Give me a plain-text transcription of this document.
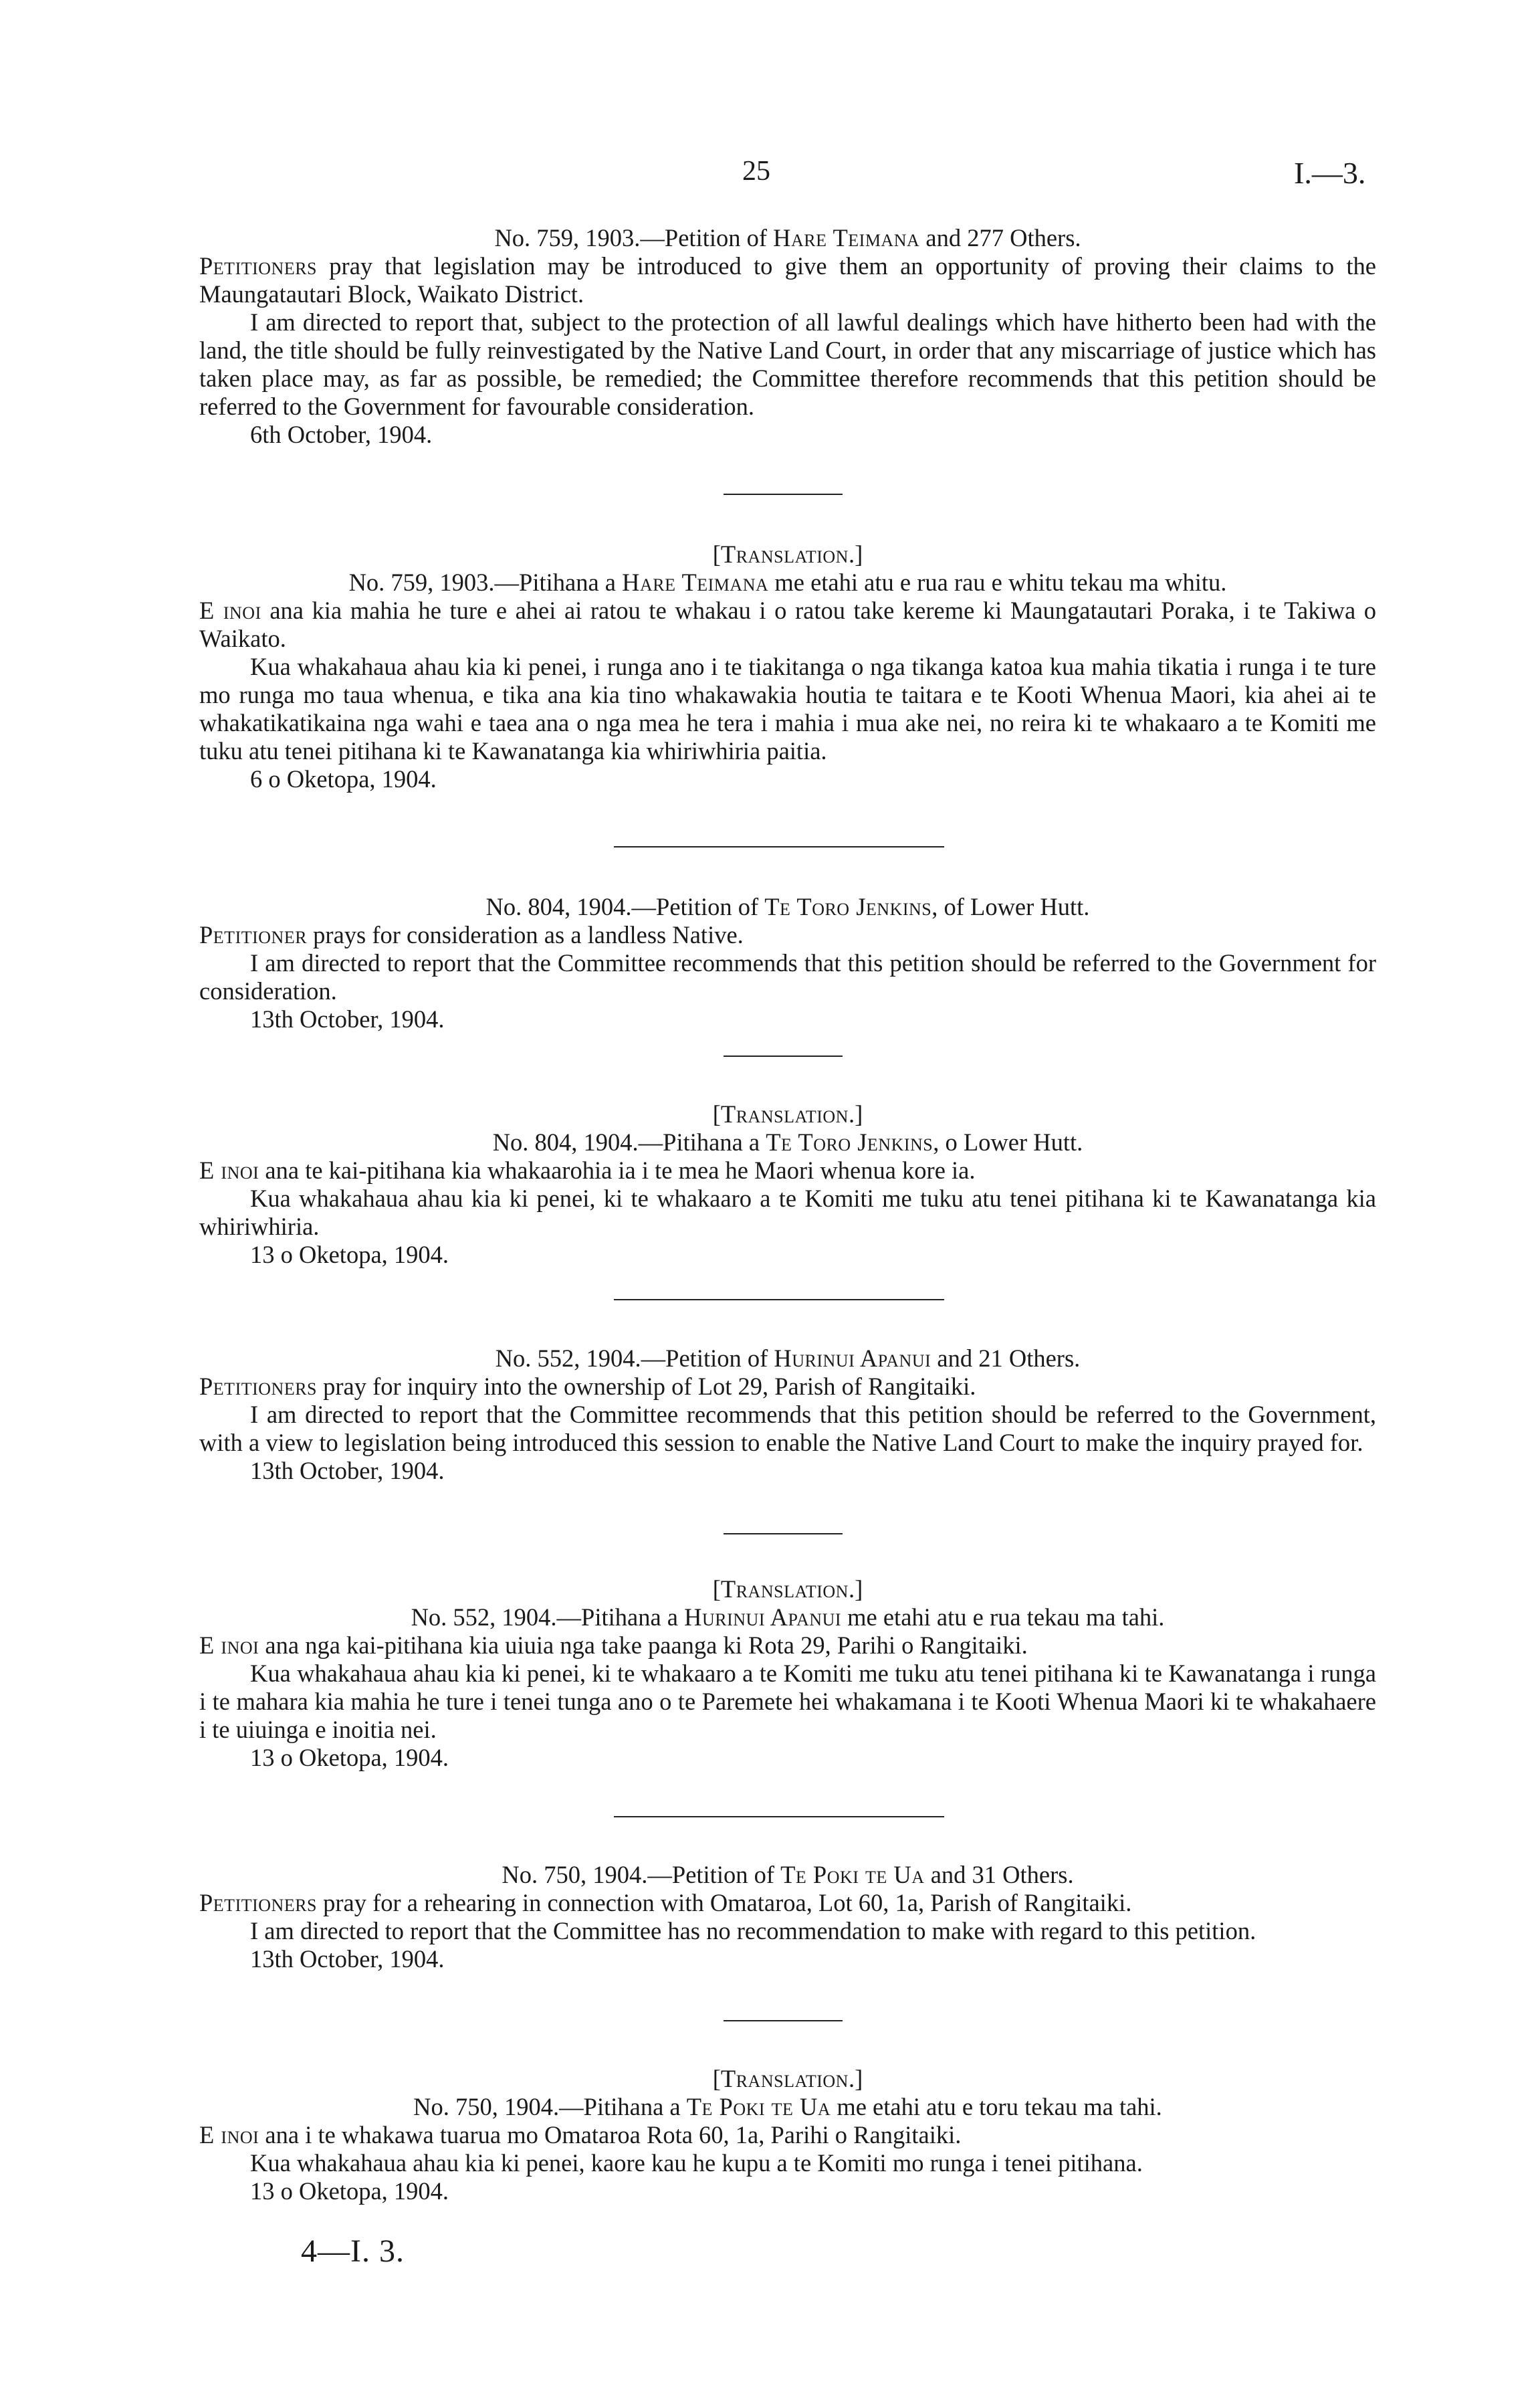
25	I.—3.

No. 759, 1903.—Petition of Hare Teimana and 277 Others.

Petitioners pray that legislation may be introduced to give them an opportunity of proving their claims to the Maungatautari Block, Waikato District.

I am directed to report that, subject to the protection of all lawful dealings which have hitherto been had with the land, the title should be fully reinvestigated by the Native Land Court, in order that any miscarriage of justice which has taken place may, as far as possible, be remedied; the Committee therefore recommends that this petition should be referred to the Government for favourable consideration.

6th October, 1904.

[Translation.]

No. 759, 1903.—Pitihana a Hare Teimana me etahi atu e rua rau e whitu tekau ma whitu.

E inoi ana kia mahia he ture e ahei ai ratou te whakau i o ratou take kereme ki Maungatautari Poraka, i te Takiwa o Waikato.

Kua whakahaua ahau kia ki penei, i runga ano i te tiakitanga o nga tikanga katoa kua mahia tikatia i runga i te ture mo runga mo taua whenua, e tika ana kia tino whakawakia houtia te taitara e te Kooti Whenua Maori, kia ahei ai te whakatikatikaina nga wahi e taea ana o nga mea he tera i mahia i mua ake nei, no reira ki te whakaaro a te Komiti me tuku atu tenei pitihana ki te Kawanatanga kia whiriwhiria paitia.

6 o Oketopa, 1904.

No. 804, 1904.—Petition of Te Toro Jenkins, of Lower Hutt.

Petitioner prays for consideration as a landless Native.

I am directed to report that the Committee recommends that this petition should be referred to the Government for consideration.

13th October, 1904.

[Translation.]

No. 804, 1904.—Pitihana a Te Toro Jenkins, o Lower Hutt.

E inoi ana te kai-pitihana kia whakaarohia ia i te mea he Maori whenua kore ia.

Kua whakahaua ahau kia ki penei, ki te whakaaro a te Komiti me tuku atu tenei pitihana ki te Kawanatanga kia whiriwhiria.

13 o Oketopa, 1904.

No. 552, 1904.—Petition of Hurinui Apanui and 21 Others.

Petitioners pray for inquiry into the ownership of Lot 29, Parish of Rangitaiki.

I am directed to report that the Committee recommends that this petition should be referred to the Government, with a view to legislation being introduced this session to enable the Native Land Court to make the inquiry prayed for.

13th October, 1904.

[Translation.]

No. 552, 1904.—Pitihana a Hurinui Apanui me etahi atu e rua tekau ma tahi.

E inoi ana nga kai-pitihana kia uiuia nga take paanga ki Rota 29, Parihi o Rangitaiki.

Kua whakahaua ahau kia ki penei, ki te whakaaro a te Komiti me tuku atu tenei pitihana ki te Kawanatanga i runga i te mahara kia mahia he ture i tenei tunga ano o te Paremete hei whakamana i te Kooti Whenua Maori ki te whakahaere i te uiuinga e inoitia nei.

13 o Oketopa, 1904.

No. 750, 1904.—Petition of Te Poki te Ua and 31 Others.

Petitioners pray for a rehearing in connection with Omataroa, Lot 60, 1a, Parish of Rangitaiki.

I am directed to report that the Committee has no recommendation to make with regard to this petition.

13th October, 1904.

[Translation.]

No. 750, 1904.—Pitihana a Te Poki te Ua me etahi atu e toru tekau ma tahi.

E inoi ana i te whakawa tuarua mo Omataroa Rota 60, 1a, Parihi o Rangitaiki.

Kua whakahaua ahau kia ki penei, kaore kau he kupu a te Komiti mo runga i tenei pitihana.

13 o Oketopa, 1904.

4—I. 3.
